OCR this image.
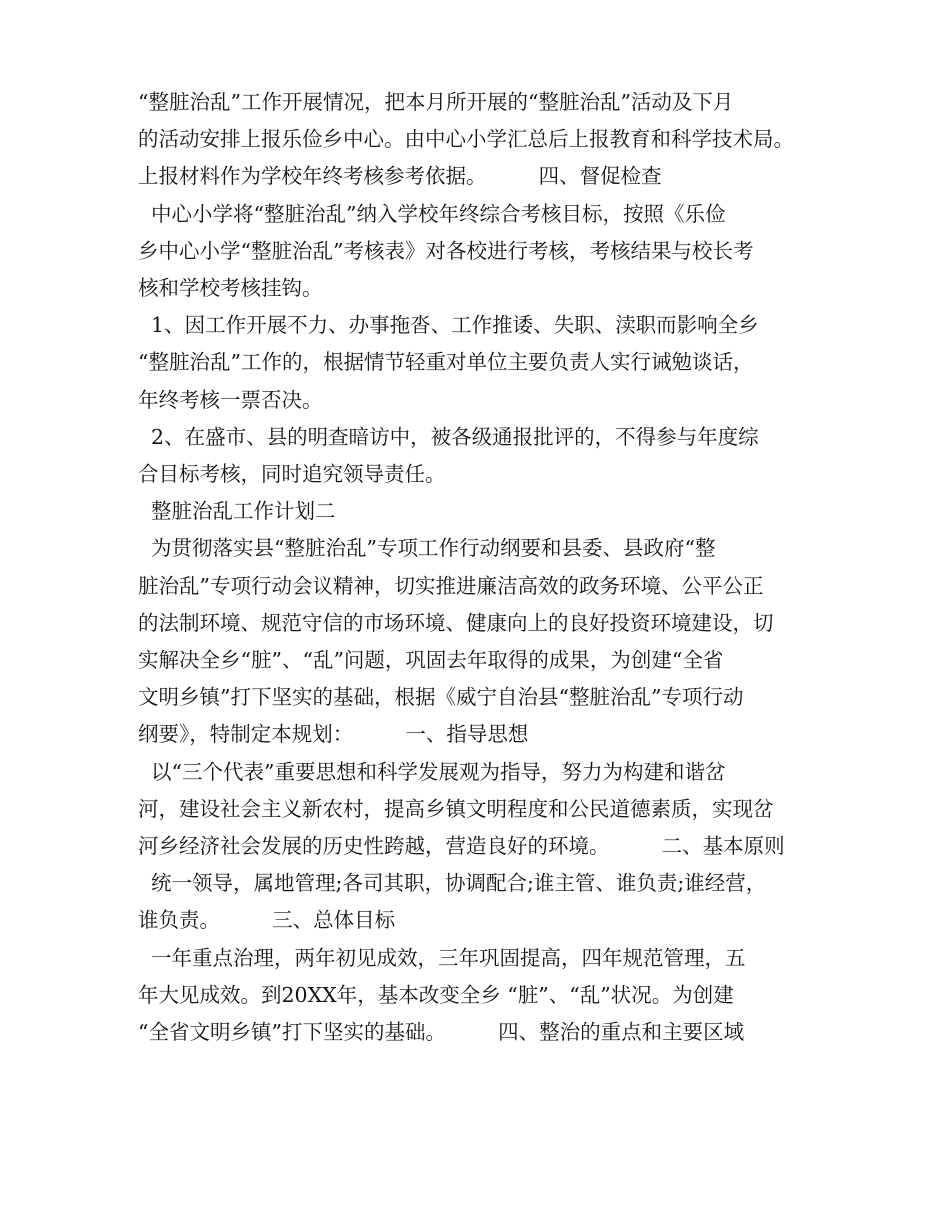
“整脏治乱”工作开展情况，把本月所开展的“整脏治乱”活动及下月
的活动安排上报乐俭乡中心。由中心小学汇总后上报教育和科学技术局。
上报材料作为学校年终考核参考依据。        四、督促检查
中心小学将“整脏治乱”纳入学校年终综合考核目标，按照《乐俭
乡中心小学“整脏治乱”考核表》对各校进行考核，考核结果与校长考
核和学校考核挂钩。
1、因工作开展不力、办事拖沓、工作推诿、失职、渎职而影响全乡
“整脏治乱”工作的，根据情节轻重对单位主要负责人实行诫勉谈话，
年终考核一票否决。
2、在盛市、县的明查暗访中，被各级通报批评的，不得参与年度综
合目标考核，同时追究领导责任。
整脏治乱工作计划二
为贯彻落实县“整脏治乱”专项工作行动纲要和县委、县政府“整
脏治乱”专项行动会议精神，切实推进廉洁高效的政务环境、公平公正
的法制环境、规范守信的市场环境、健康向上的良好投资环境建设，切
实解决全乡“脏”、“乱”问题，巩固去年取得的成果，为创建“全省
文明乡镇”打下坚实的基础，根据《威宁自治县“整脏治乱”专项行动
纲要》，特制定本规划：        一、指导思想
以“三个代表”重要思想和科学发展观为指导，努力为构建和谐岔
河，建设社会主义新农村，提高乡镇文明程度和公民道德素质，实现岔
河乡经济社会发展的历史性跨越，营造良好的环境。        二、基本原则
统一领导，属地管理;各司其职，协调配合;谁主管、谁负责;谁经营，
谁负责。        三、总体目标
一年重点治理，两年初见成效，三年巩固提高，四年规范管理，五
年大见成效。到20XX年，基本改变全乡 “脏”、“乱”状况。为创建
“全省文明乡镇”打下坚实的基础。        四、整治的重点和主要区域
